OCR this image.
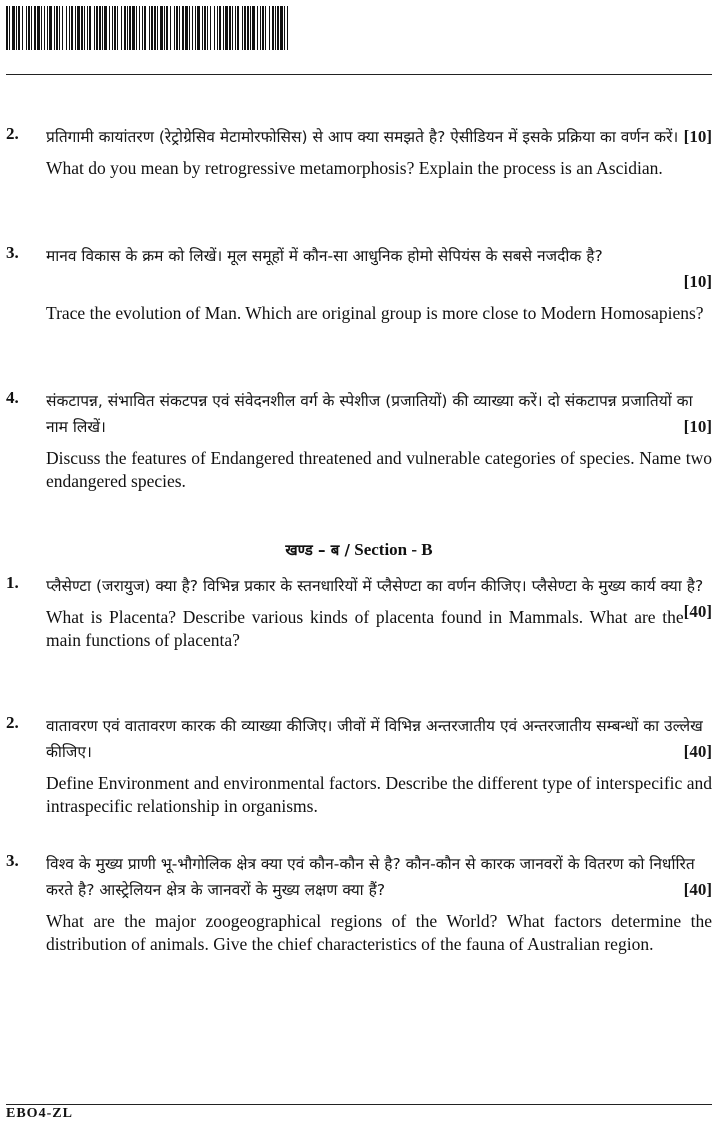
2.	प्रतिगामी कायांतरण (रेट्रोग्रेसिव मेटामोरफोसिस) से आप क्या समझते है? ऐसीडियन में इसके प्रक्रिया का वर्णन करें। [10]
What do you mean by retrogressive metamorphosis? Explain the process is an Ascidian.
3.	मानव विकास के क्रम को लिखें। मूल समूहों में कौन-सा आधुनिक होमो सेपियंस के सबसे नजदीक है?
[10]
Trace the evolution of Man. Which are original group is more close to Modern Homosapiens?
4.	संकटापन्न, संभावित संकटपन्न एवं संवेदनशील वर्ग के स्पेशीज (प्रजातियों) की व्याख्या करें। दो संकटापन्न प्रजातियों का नाम लिखें।	[10]
Discuss the features of Endangered threatened and vulnerable categories of species. Name two endangered species.
खण्ड – ब / Section - B
1.	प्लैसेण्टा (जरायुज) क्या है? विभिन्न प्रकार के स्तनधारियों में प्लैसेण्टा का वर्णन कीजिए। प्लैसेण्टा के मुख्य कार्य क्या है?
[40]
What is Placenta? Describe various kinds of placenta found in Mammals. What are the main functions of placenta?
2.	वातावरण एवं वातावरण कारक की व्याख्या कीजिए। जीवों में विभिन्न अन्तरजातीय एवं अन्तरजातीय सम्बन्धों का उल्लेख कीजिए।	[40]
Define Environment and environmental factors. Describe the different type of interspecific and intraspecific relationship in organisms.
3.	विश्व के मुख्य प्राणी भू-भौगोलिक क्षेत्र क्या एवं कौन-कौन से है? कौन-कौन से कारक जानवरों के वितरण को निर्धारित करते है? आस्ट्रेलियन क्षेत्र के जानवरों के मुख्य लक्षण क्या हैं?	[40]
What are the major zoogeographical regions of the World? What factors determine the distribution of animals. Give the chief characteristics of the fauna of Australian region.
EBO4-ZL
